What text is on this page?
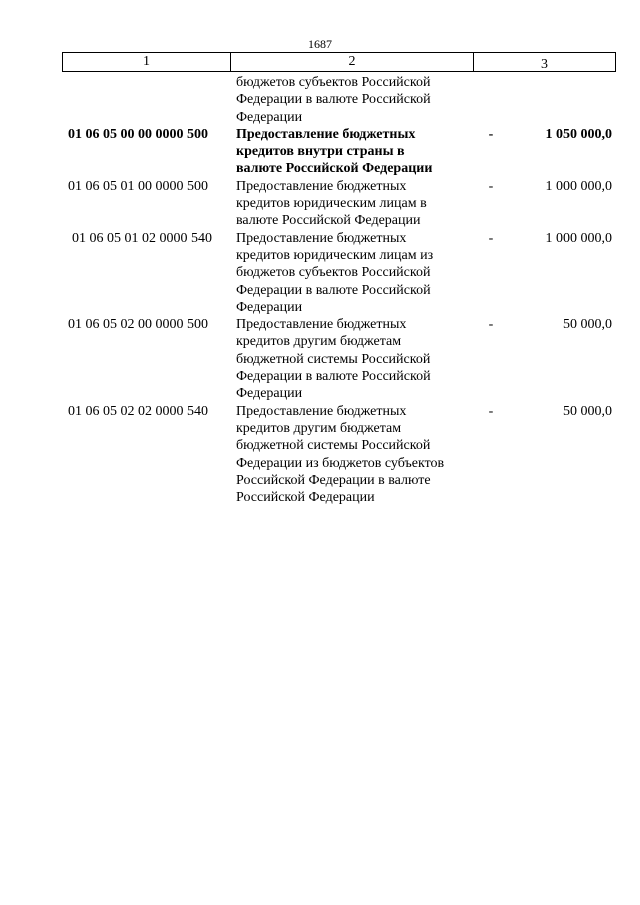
1687
1	2	3
бюджетов субъектов Российской
Федерации в валюте Российской
Федерации
01 06 05 00 00 0000 500	Предоставление бюджетных
кредитов внутри страны в
валюте Российской Федерации
-	1 050 000,0
01 06 05 01 00 0000 500	Предоставление бюджетных
кредитов юридическим лицам в
валюте Российской Федерации
-	1 000 000,0
01 06 05 01 02 0000 540	Предоставление бюджетных
кредитов юридическим лицам из
бюджетов субъектов Российской
Федерации в валюте Российской
Федерации
-	1 000 000,0
01 06 05 02 00 0000 500	Предоставление бюджетных
кредитов другим бюджетам
бюджетной системы Российской
Федерации в валюте Российской
Федерации
-	50 000,0
01 06 05 02 02 0000 540	Предоставление бюджетных
кредитов другим бюджетам
бюджетной системы Российской
Федерации из бюджетов субъектов
Российской Федерации в валюте
Российской Федерации
-	50 000,0
